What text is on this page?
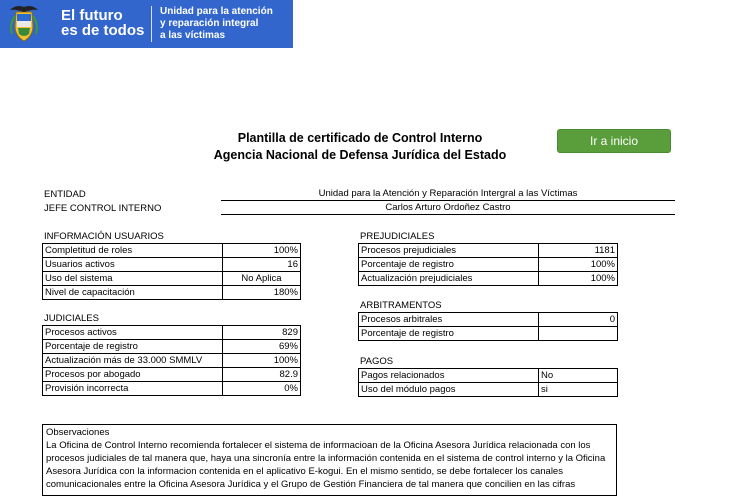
El futuro
es de todos
Unidad para la atención
y reparación integral
a las víctimas
Plantilla de certificado de Control Interno
Agencia Nacional de Defensa Jurídica del Estado
Ir a inicio
ENTIDAD	Unidad para la Atención y Reparación Intergral a las Víctimas
JEFE CONTROL INTERNO	Carlos Arturo Ordoñez Castro
INFORMACIÓN USUARIOS
Completitud de roles	100%
Usuarios activos	16
Uso del sistema	No Aplica
Nivel de capacitación	180%
JUDICIALES
Procesos activos	829
Porcentaje de registro	69%
Actualización más de 33.000 SMMLV	100%
Procesos por abogado	82.9
Provisión incorrecta	0%
PREJUDICIALES
Procesos prejudiciales	1181
Porcentaje de registro	100%
Actualización prejudiciales	100%
ARBITRAMENTOS
Procesos arbitrales	0
Porcentaje de registro	
PAGOS
Pagos relacionados	No
Uso del módulo pagos	si
Observaciones
La Oficina de Control Interno recomienda fortalecer el sistema de informacioan de la Oficina Asesora Jurídica relacionada con los procesos judiciales de tal manera que, haya una sincronía entre la información contenida en el sistema de control interno y la Oficina Asesora Jurídica con la informacion contenida en el aplicativo E-kogui. En el mismo sentido, se debe fortalecer los canales comunicacionales entre la Oficina Asesora Jurídica y el Grupo de Gestión Financiera de tal manera que concilien en las cifras
